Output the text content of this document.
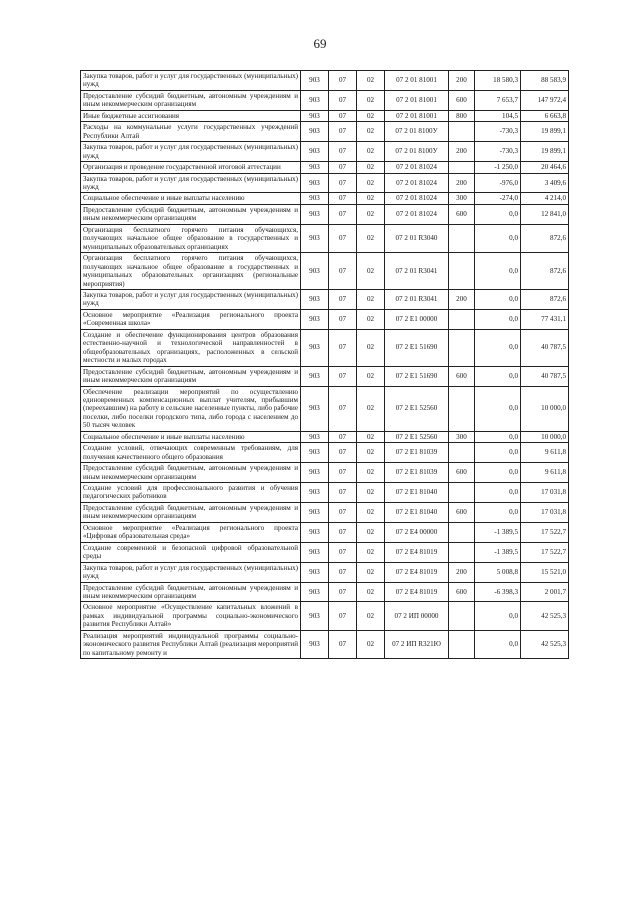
69
Закупка товаров, работ и услуг для государственных (муниципальных) нужд	903	07	02	07 2 01 81001	200	18 580,3	88 583,9
Предоставление субсидий бюджетным, автономным учреждениям и иным некоммерческим организациям	903	07	02	07 2 01 81001	600	7 653,7	147 972,4
Иные бюджетные ассигнования	903	07	02	07 2 01 81001	800	104,5	6 663,8
Расходы на коммунальные услуги государственных учреждений Республики Алтай	903	07	02	07 2 01 8100У		-730,3	19 899,1
Закупка товаров, работ и услуг для государственных (муниципальных) нужд	903	07	02	07 2 01 8100У	200	-730,3	19 899,1
Организация и проведение государственной итоговой аттестации	903	07	02	07 2 01 81024		-1 250,0	20 464,6
Закупка товаров, работ и услуг для государственных (муниципальных) нужд	903	07	02	07 2 01 81024	200	-976,0	3 409,6
Социальное обеспечение и иные выплаты населению	903	07	02	07 2 01 81024	300	-274,0	4 214,0
Предоставление субсидий бюджетным, автономным учреждениям и иным некоммерческим организациям	903	07	02	07 2 01 81024	600	0,0	12 841,0
Организация бесплатного горячего питания обучающихся, получающих начальное общее образование в государственных и муниципальных образовательных организациях	903	07	02	07 2 01 R3040		0,0	872,6
Организация бесплатного горячего питания обучающихся, получающих начальное общее образование в государственных и муниципальных образовательных организациях (региональные мероприятия)	903	07	02	07 2 01 R3041		0,0	872,6
Закупка товаров, работ и услуг для государственных (муниципальных) нужд	903	07	02	07 2 01 R3041	200	0,0	872,6
Основное мероприятие «Реализация регионального проекта «Современная школа»	903	07	02	07 2 E1 00000		0,0	77 431,1
Создание и обеспечение функционирования центров образования естественно-научной и технологической направленностей в общеобразовательных организациях, расположенных в сельской местности и малых городах	903	07	02	07 2 E1 51690		0,0	40 787,5
Предоставление субсидий бюджетным, автономным учреждениям и иным некоммерческим организациям	903	07	02	07 2 E1 51690	600	0,0	40 787,5
Обеспечение реализации мероприятий по осуществлению единовременных компенсационных выплат учителям, прибывшим (переехавшим) на работу в сельские населенные пункты, либо рабочие поселки, либо поселки городского типа, либо города с населением до 50 тысяч человек	903	07	02	07 2 E1 52560		0,0	10 000,0
Социальное обеспечение и иные выплаты населению	903	07	02	07 2 E1 52560	300	0,0	10 000,0
Создание условий, отвечающих современным требованиям, для получения качественного общего образования	903	07	02	07 2 E1 81039		0,0	9 611,8
Предоставление субсидий бюджетным, автономным учреждениям и иным некоммерческим организациям	903	07	02	07 2 E1 81039	600	0,0	9 611,8
Создание условий для профессионального развития и обучения педагогических работников	903	07	02	07 2 E1 81040		0,0	17 031,8
Предоставление субсидий бюджетным, автономным учреждениям и иным некоммерческим организациям	903	07	02	07 2 E1 81040	600	0,0	17 031,8
Основное мероприятие «Реализация регионального проекта «Цифровая образовательная среда»	903	07	02	07 2 E4 00000		-1 389,5	17 522,7
Создание современной и безопасной цифровой образовательной среды	903	07	02	07 2 E4 81019		-1 389,5	17 522,7
Закупка товаров, работ и услуг для государственных (муниципальных) нужд	903	07	02	07 2 E4 81019	200	5 008,8	15 521,0
Предоставление субсидий бюджетным, автономным учреждениям и иным некоммерческим организациям	903	07	02	07 2 E4 81019	600	-6 398,3	2 001,7
Основное мероприятие «Осуществление капитальных вложений в рамках индивидуальной программы социально-экономического развития Республики Алтай»	903	07	02	07 2 ИП 00000		0,0	42 525,3
Реализация мероприятий индивидуальной программы социально-экономического развития Республики Алтай (реализация мероприятий по капитальному ремонту и	903	07	02	07 2 ИП R321Ю		0,0	42 525,3
